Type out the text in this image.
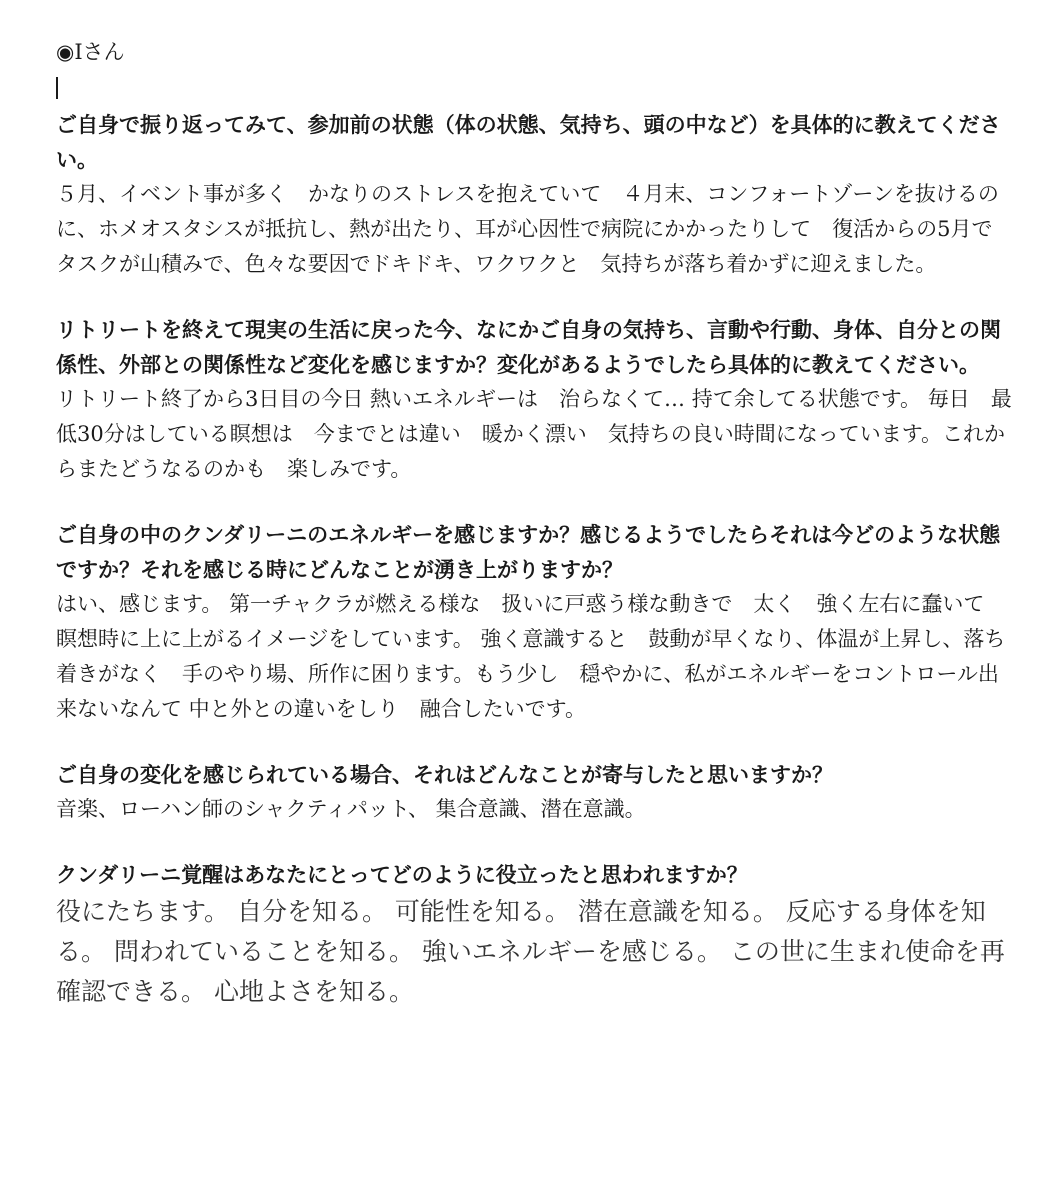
◉Iさん

ご自身で振り返ってみて、参加前の状態（体の状態、気持ち、頭の中など）を具体的に教えてください。

５月、イベント事が多く　かなりのストレスを抱えていて　４月末、コンフォートゾーンを抜けるのに、ホメオスタシスが抵抗し、熱が出たり、耳が心因性で病院にかかったりして　復活からの5月で　タスクが山積みで、色々な要因でドキドキ、ワクワクと　気持ちが落ち着かずに迎えました。

リトリートを終えて現実の生活に戻った今、なにかご自身の気持ち、言動や行動、身体、自分との関係性、外部との関係性など変化を感じますか？変化があるようでしたら具体的に教えてください。

リトリート終了から3日目の今日 熱いエネルギーは　治らなくて… 持て余してる状態です。 毎日　最低30分はしている瞑想は　今までとは違い　暖かく漂い　気持ちの良い時間になっています。これからまたどうなるのかも　楽しみです。

ご自身の中のクンダリーニのエネルギーを感じますか？感じるようでしたらそれは今どのような状態ですか？それを感じる時にどんなことが湧き上がりますか？

はい、感じます。 第一チャクラが燃える様な　扱いに戸惑う様な動きで　太く　強く左右に蠢いて　瞑想時に上に上がるイメージをしています。 強く意識すると　鼓動が早くなり、体温が上昇し、落ち着きがなく　手のやり場、所作に困ります。もう少し　穏やかに、私がエネルギーをコントロール出来ないなんて 中と外との違いをしり　融合したいです。

ご自身の変化を感じられている場合、それはどんなことが寄与したと思いますか？

音楽、ローハン師のシャクティパット、 集合意識、潜在意識。

クンダリーニ覚醒はあなたにとってどのように役立ったと思われますか？

役にたちます。 自分を知る。 可能性を知る。 潜在意識を知る。 反応する身体を知る。 問われていることを知る。 強いエネルギーを感じる。 この世に生まれ使命を再確認できる。 心地よさを知る。
